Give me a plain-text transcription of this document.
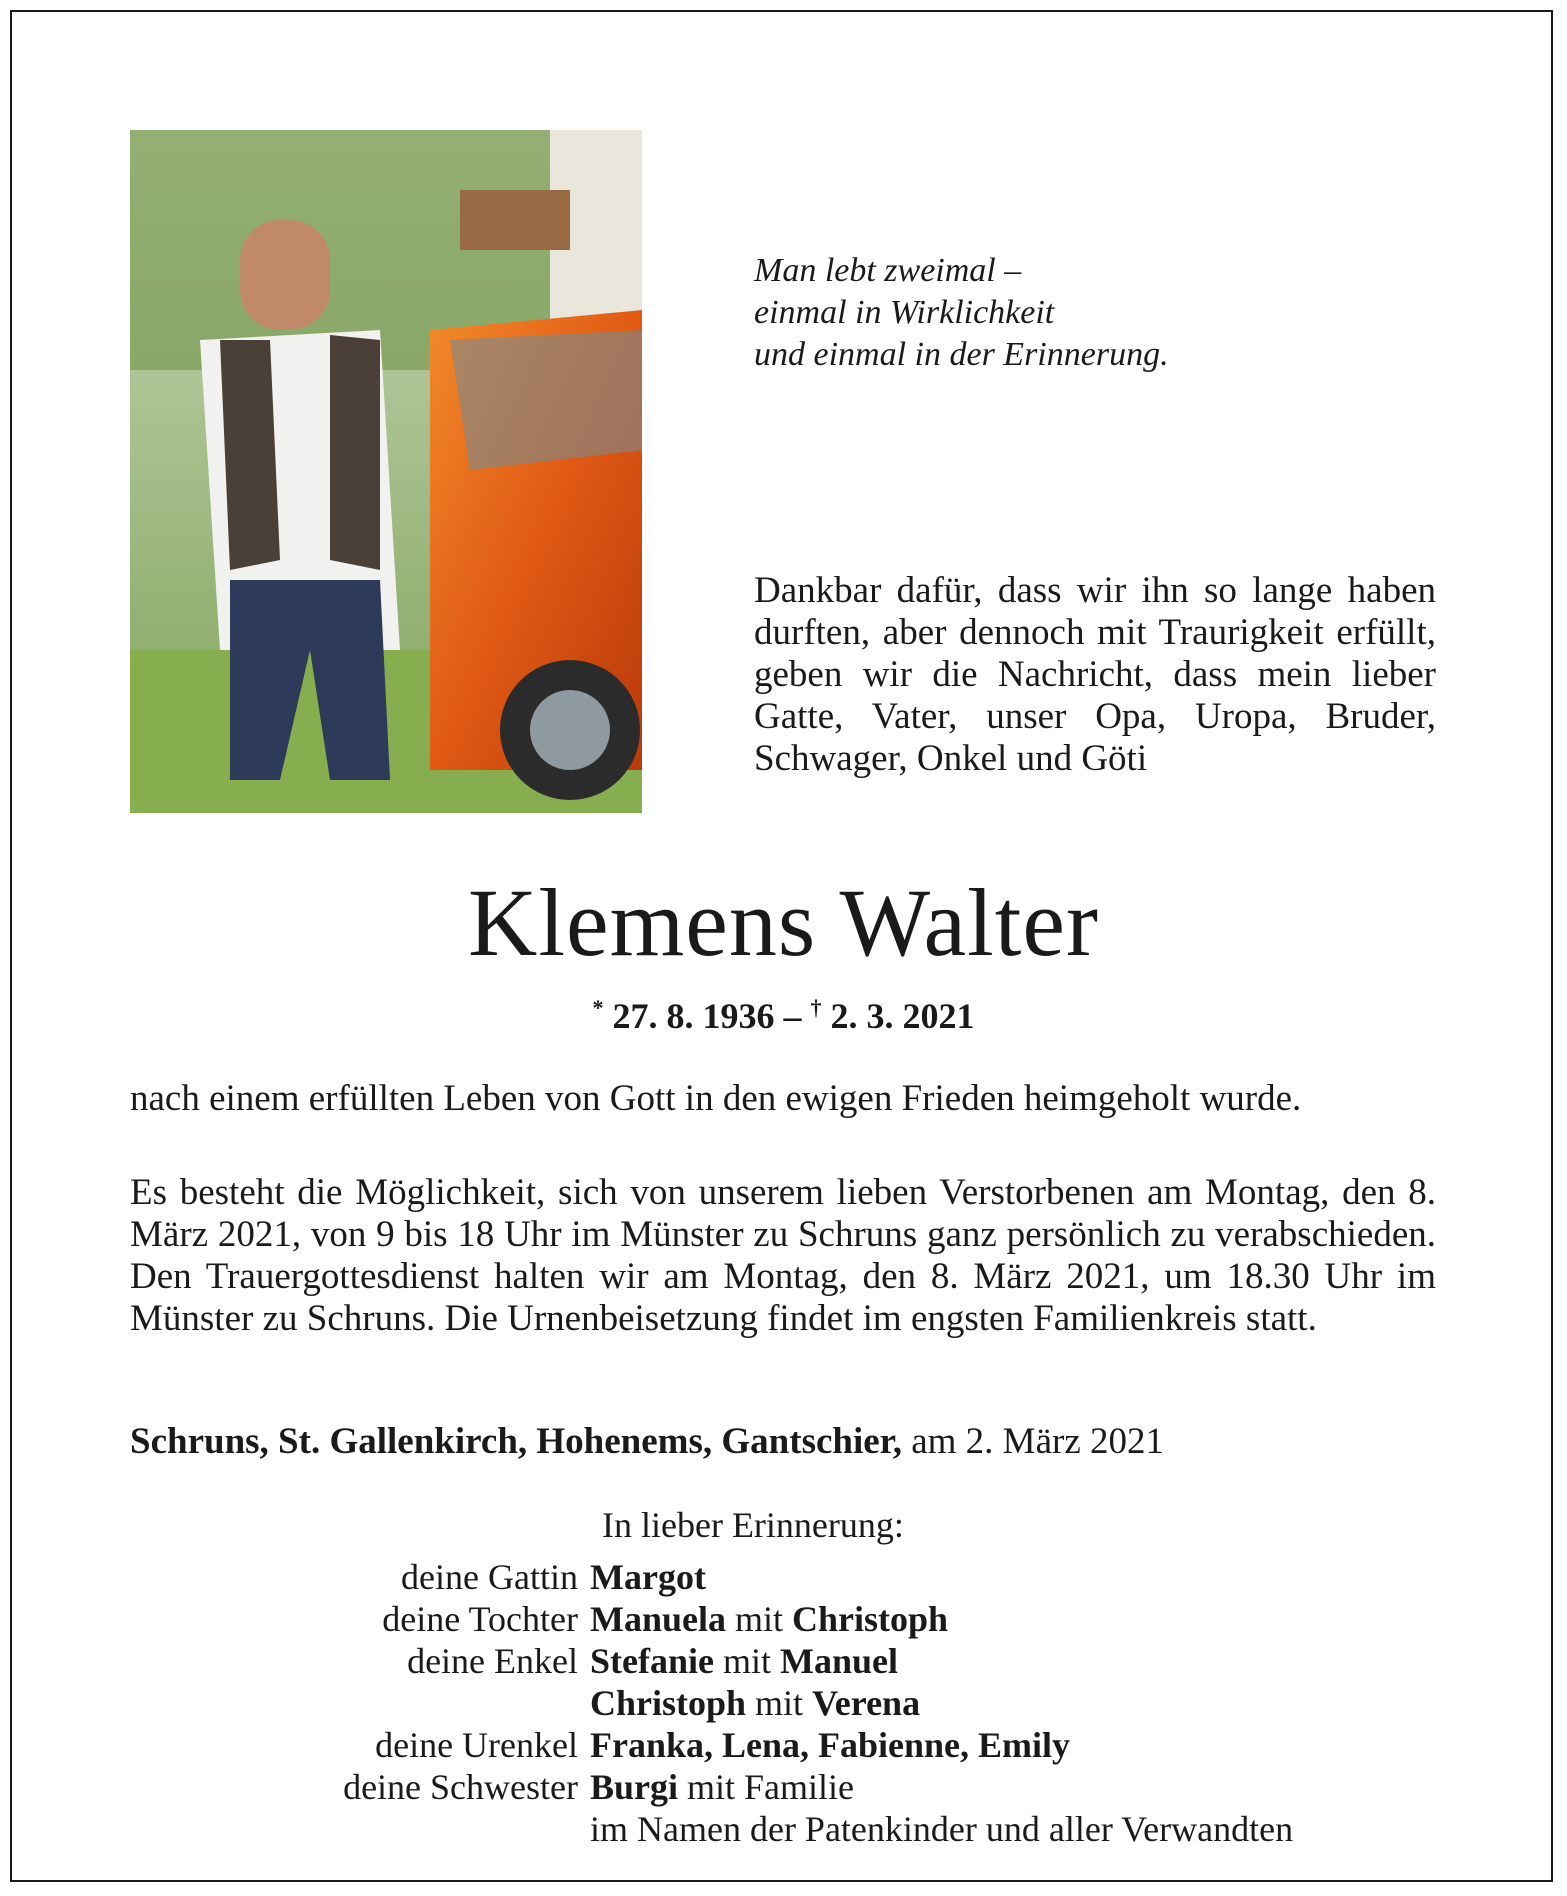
Man lebt zweimal –
einmal in Wirklichkeit
und einmal in der Erinnerung.
Dankbar dafür, dass wir ihn so lange haben durften, aber dennoch mit Traurigkeit erfüllt, geben wir die Nachricht, dass mein lieber Gatte, Vater, unser Opa, Uropa, Bruder, Schwager, Onkel und Göti
Klemens Walter
* 27. 8. 1936 – † 2. 3. 2021
nach einem erfüllten Leben von Gott in den ewigen Frieden heimgeholt wurde.
Es besteht die Möglichkeit, sich von unserem lieben Verstorbenen am Montag, den 8. März 2021, von 9 bis 18 Uhr im Münster zu Schruns ganz persönlich zu verabschieden. Den Trauergottesdienst halten wir am Montag, den 8. März 2021, um 18.30 Uhr im Münster zu Schruns. Die Urnenbeisetzung findet im engsten Familienkreis statt.
Schruns, St. Gallenkirch, Hohenems, Gantschier, am 2. März 2021
In lieber Erinnerung:
deine Gattin Margot
deine Tochter Manuela mit Christoph
deine Enkel Stefanie mit Manuel
Christoph mit Verena
deine Urenkel Franka, Lena, Fabienne, Emily
deine Schwester Burgi mit Familie
im Namen der Patenkinder und aller Verwandten
